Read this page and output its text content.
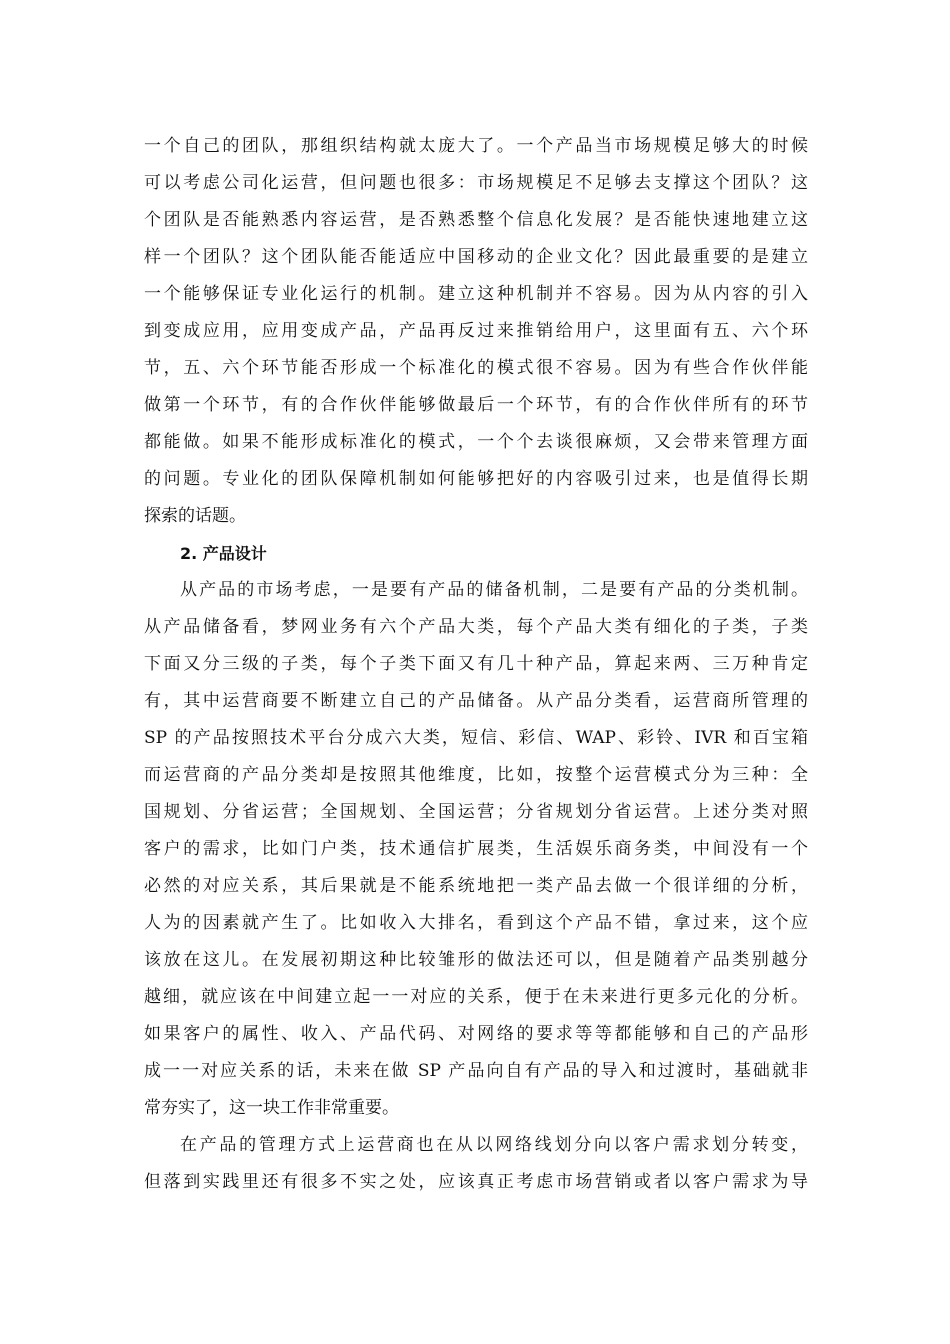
一个自己的团队，那组织结构就太庞大了。一个产品当市场规模足够大的时候
可以考虑公司化运营，但问题也很多：市场规模足不足够去支撑这个团队？这
个团队是否能熟悉内容运营，是否熟悉整个信息化发展？是否能快速地建立这
样一个团队？这个团队能否能适应中国移动的企业文化？因此最重要的是建立
一个能够保证专业化运行的机制。建立这种机制并不容易。因为从内容的引入
到变成应用，应用变成产品，产品再反过来推销给用户，这里面有五、六个环
节，五、六个环节能否形成一个标准化的模式很不容易。因为有些合作伙伴能
做第一个环节，有的合作伙伴能够做最后一个环节，有的合作伙伴所有的环节
都能做。如果不能形成标准化的模式，一个个去谈很麻烦，又会带来管理方面
的问题。专业化的团队保障机制如何能够把好的内容吸引过来，也是值得长期
探索的话题。
2. 产品设计
从产品的市场考虑，一是要有产品的储备机制，二是要有产品的分类机制。
从产品储备看，梦网业务有六个产品大类，每个产品大类有细化的子类，子类
下面又分三级的子类，每个子类下面又有几十种产品，算起来两、三万种肯定
有，其中运营商要不断建立自己的产品储备。从产品分类看，运营商所管理的
SP 的产品按照技术平台分成六大类，短信、彩信、WAP、彩铃、IVR 和百宝箱
而运营商的产品分类却是按照其他维度，比如，按整个运营模式分为三种：全
国规划、分省运营；全国规划、全国运营；分省规划分省运营。上述分类对照
客户的需求，比如门户类，技术通信扩展类，生活娱乐商务类，中间没有一个
必然的对应关系，其后果就是不能系统地把一类产品去做一个很详细的分析，
人为的因素就产生了。比如收入大排名，看到这个产品不错，拿过来，这个应
该放在这儿。在发展初期这种比较雏形的做法还可以，但是随着产品类别越分
越细，就应该在中间建立起一一对应的关系，便于在未来进行更多元化的分析。
如果客户的属性、收入、产品代码、对网络的要求等等都能够和自己的产品形
成一一对应关系的话，未来在做 SP 产品向自有产品的导入和过渡时，基础就非
常夯实了，这一块工作非常重要。
在产品的管理方式上运营商也在从以网络线划分向以客户需求划分转变，
但落到实践里还有很多不实之处，应该真正考虑市场营销或者以客户需求为导
